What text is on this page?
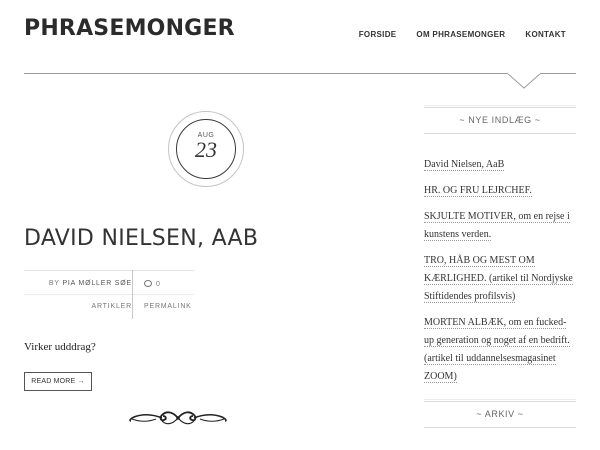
PHRASEMONGER	FORSIDE	OM PHRASEMONGER	KONTAKT
AUG
23
DAVID NIELSEN, AAB
BY PIA MØLLER SØE	0
ARTIKLER PERMALINK

Virker udddrag?

READ MORE →
~ NYE INDLÆG ~
David Nielsen, AaB
HR. OG FRU LEJRCHEF.
SKJULTE MOTIVER, om en rejse i kunstens verden.
TRO, HÅB OG MEST OM KÆRLIGHED. (artikel til Nordjyske Stiftidendes profilsvis)
MORTEN ALBÆK, om en fucked-up generation og noget af en bedrift. (artikel til uddannelsesmagasinet ZOOM)
~ ARKIV ~
